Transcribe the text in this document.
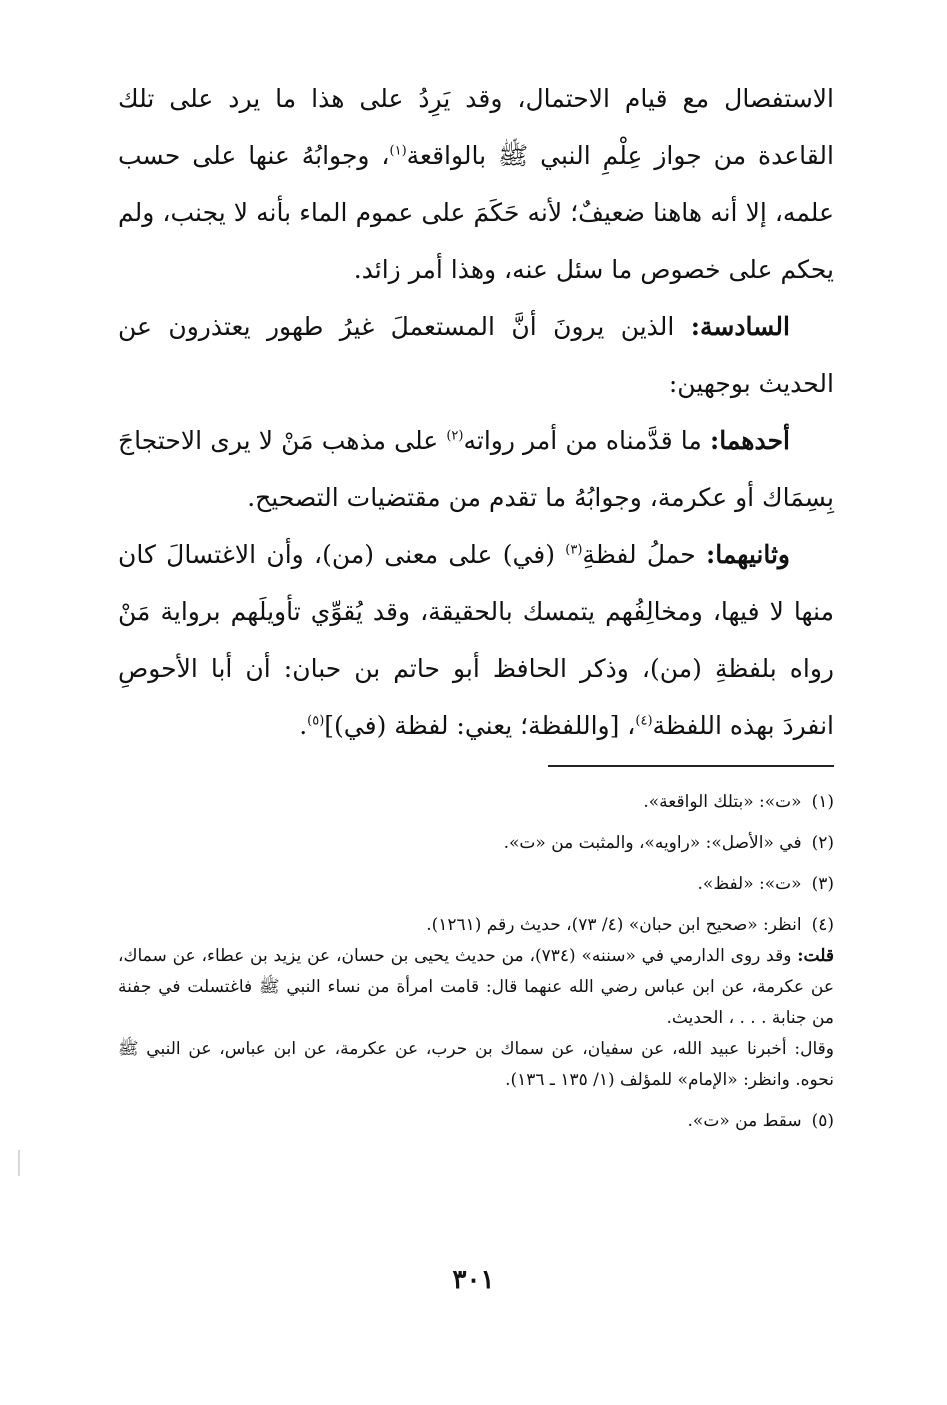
الاستفصال مع قيام الاحتمال، وقد يَرِدُ على هذا ما يرد على تلك القاعدة من جواز عِلْمِ النبي ﷺ بالواقعة$^{(١)}$، وجوابُهُ عنها على حسب علمه، إلا أنه هاهنا ضعيفٌ؛ لأنه حَكَمَ على عموم الماء بأنه لا يجنب، ولم يحكم على خصوص ما سئل عنه، وهذا أمر زائد.

السادسة: الذين يرونَ أنَّ المستعملَ غيرُ طهور يعتذرون عن الحديث بوجهين:

أحدهما: ما قدَّمناه من أمر رواته$^{(٢)}$ على مذهب مَنْ لا يرى الاحتجاجَ بِسِمَاك أو عكرمة، وجوابُهُ ما تقدم من مقتضيات التصحيح.

وثانيهما: حملُ لفظةِ$^{(٣)}$ (في) على معنى (من)، وأن الاغتسالَ كان منها لا فيها، ومخالِفُهم يتمسك بالحقيقة، وقد يُقوِّي تأويلَهم برواية مَنْ رواه بلفظةِ (من)، وذكر الحافظ أبو حاتم بن حبان: أن أبا الأحوصِ انفردَ بهذه اللفظة$^{(٤)}$، [واللفظة؛ يعني: لفظة (في)]$^{(٥)}$.

(١)«ت»: «بتلك الواقعة».

(٢)في «الأصل»: «راويه»، والمثبت من «ت».

(٣)«ت»: «لفظ».

(٤)انظر: «صحيح ابن حبان» (٤/ ٧٣)، حديث رقم (١٢٦١).

قلت: وقد روى الدارمي في «سننه» (٧٣٤)، من حديث يحيى بن حسان، عن يزيد بن عطاء، عن سماك، عن عكرمة، عن ابن عباس رضي الله عنهما قال: قامت امرأة من نساء النبي ﷺ فاغتسلت في جفنة من جنابة . . . ، الحديث.

وقال: أخبرنا عبيد الله، عن سفيان، عن سماك بن حرب، عن عكرمة، عن ابن عباس، عن النبي ﷺ نحوه. وانظر: «الإمام» للمؤلف (١/ ١٣٥ ـ ١٣٦).

(٥)سقط من «ت».

٣٠١
